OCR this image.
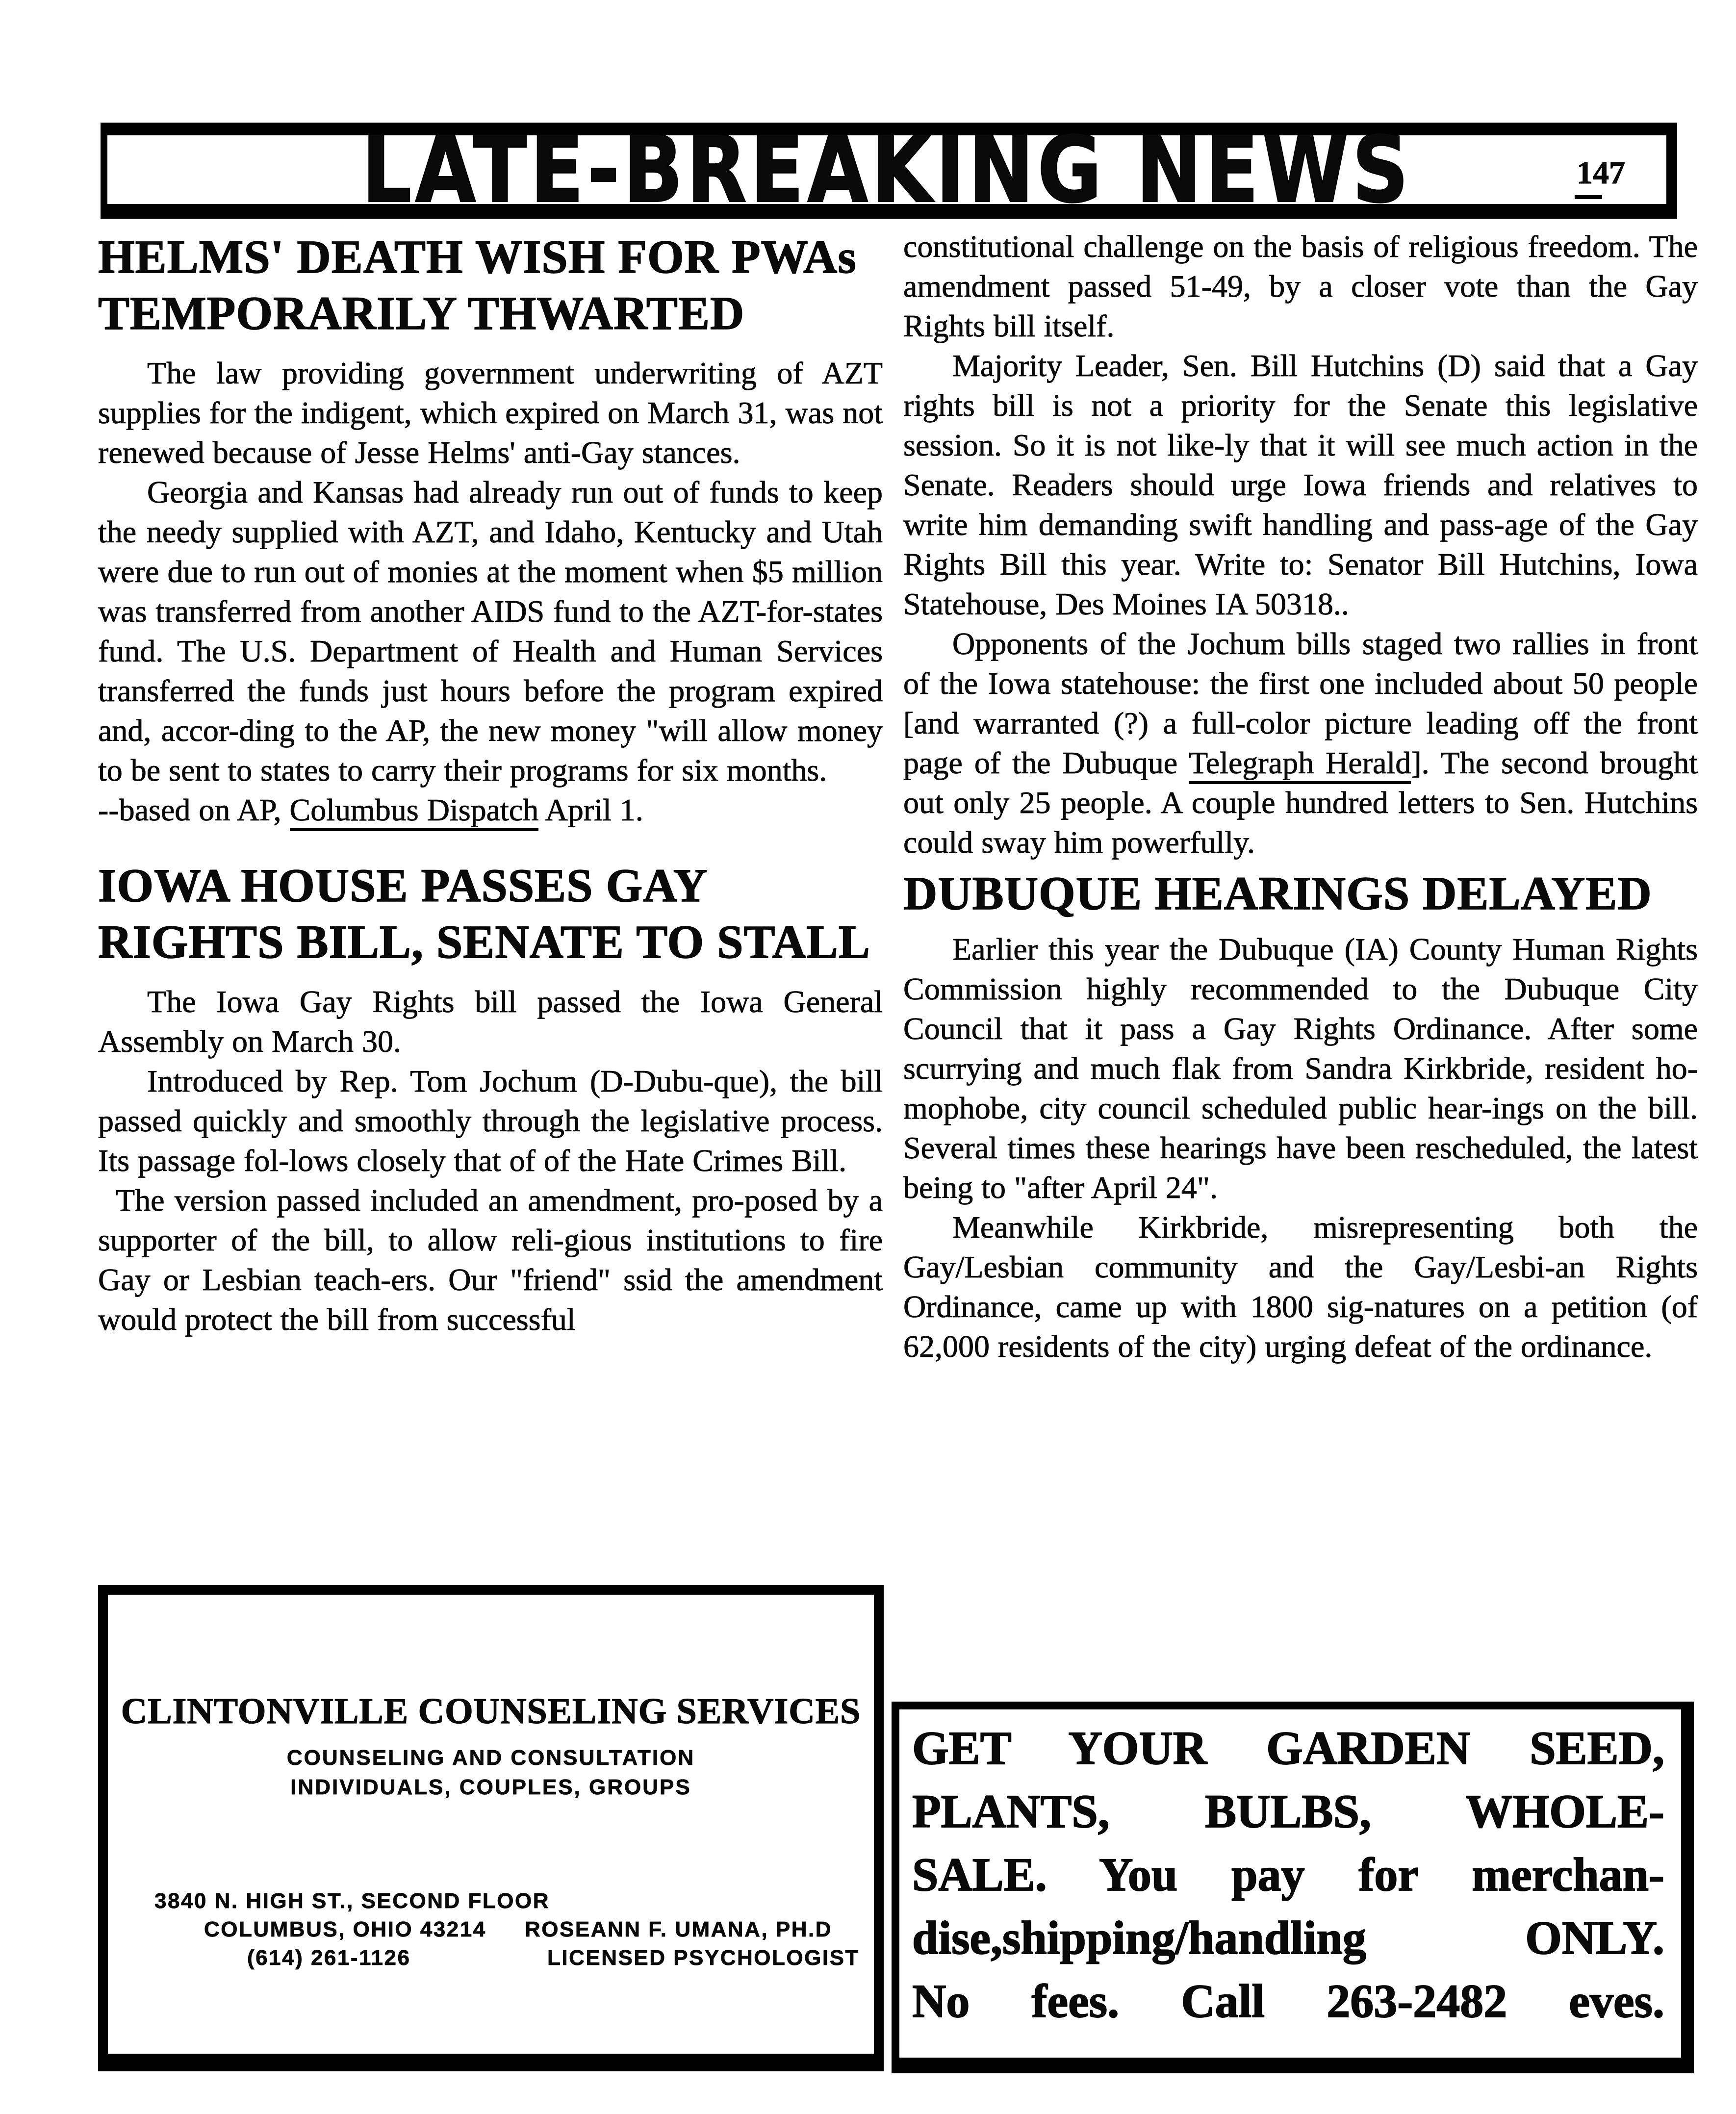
LATE-BREAKING NEWS	147
HELMS' DEATH WISH FOR PWAs
TEMPORARILY THWARTED

The law providing government underwriting of AZT supplies for the indigent, which expired on March 31, was not renewed because of Jesse Helms' anti-Gay stances.

Georgia and Kansas had already run out of funds to keep the needy supplied with AZT, and Idaho, Kentucky and Utah were due to run out of monies at the moment when $5 million was transferred from another AIDS fund to the AZT-for-states fund. The U.S. Department of Health and Human Services transferred the funds just hours before the program expired and, accor-ding to the AP, the new money "will allow money to be sent to states to carry their programs for six months.

--based on AP, Columbus Dispatch April 1.

IOWA HOUSE PASSES GAY
RIGHTS BILL, SENATE TO STALL

The Iowa Gay Rights bill passed the Iowa General Assembly on March 30.

Introduced by Rep. Tom Jochum (D-Dubu-que), the bill passed quickly and smoothly through the legislative process. Its passage fol-lows closely that of of the Hate Crimes Bill.

The version passed included an amendment, pro-posed by a supporter of the bill, to allow reli-gious institutions to fire Gay or Lesbian teach-ers. Our "friend" ssid the amendment would protect the bill from successful

constitutional challenge on the basis of religious freedom. The amendment passed 51-49, by a closer vote than the Gay Rights bill itself.

Majority Leader, Sen. Bill Hutchins (D) said that a Gay rights bill is not a priority for the Senate this legislative session. So it is not like-ly that it will see much action in the Senate. Readers should urge Iowa friends and relatives to write him demanding swift handling and pass-age of the Gay Rights Bill this year. Write to: Senator Bill Hutchins, Iowa Statehouse, Des Moines IA 50318..

Opponents of the Jochum bills staged two rallies in front of the Iowa statehouse: the first one included about 50 people [and warranted (?) a full-color picture leading off the front page of the Dubuque Telegraph Herald]. The second brought out only 25 people. A couple hundred letters to Sen. Hutchins could sway him powerfully.

DUBUQUE HEARINGS DELAYED

Earlier this year the Dubuque (IA) County Human Rights Commission highly recommended to the Dubuque City Council that it pass a Gay Rights Ordinance. After some scurrying and much flak from Sandra Kirkbride, resident ho-mophobe, city council scheduled public hear-ings on the bill. Several times these hearings have been rescheduled, the latest being to "after April 24".

Meanwhile Kirkbride, misrepresenting both the Gay/Lesbian community and the Gay/Lesbi-an Rights Ordinance, came up with 1800 sig-natures on a petition (of 62,000 residents of the city) urging defeat of the ordinance.

CLINTONVILLE COUNSELING SERVICES
COUNSELING AND CONSULTATION
INDIVIDUALS, COUPLES, GROUPS
3840 N. HIGH ST., SECOND FLOOR
COLUMBUS, OHIO 43214
(614) 261-1126
ROSEANN F. UMANA, PH.D
LICENSED PSYCHOLOGIST
GET YOUR GARDEN SEED,
PLANTS, BULBS, WHOLE-
SALE. You pay for merchan-
dise,shipping/handling ONLY.
No fees. Call 263-2482 eves.
